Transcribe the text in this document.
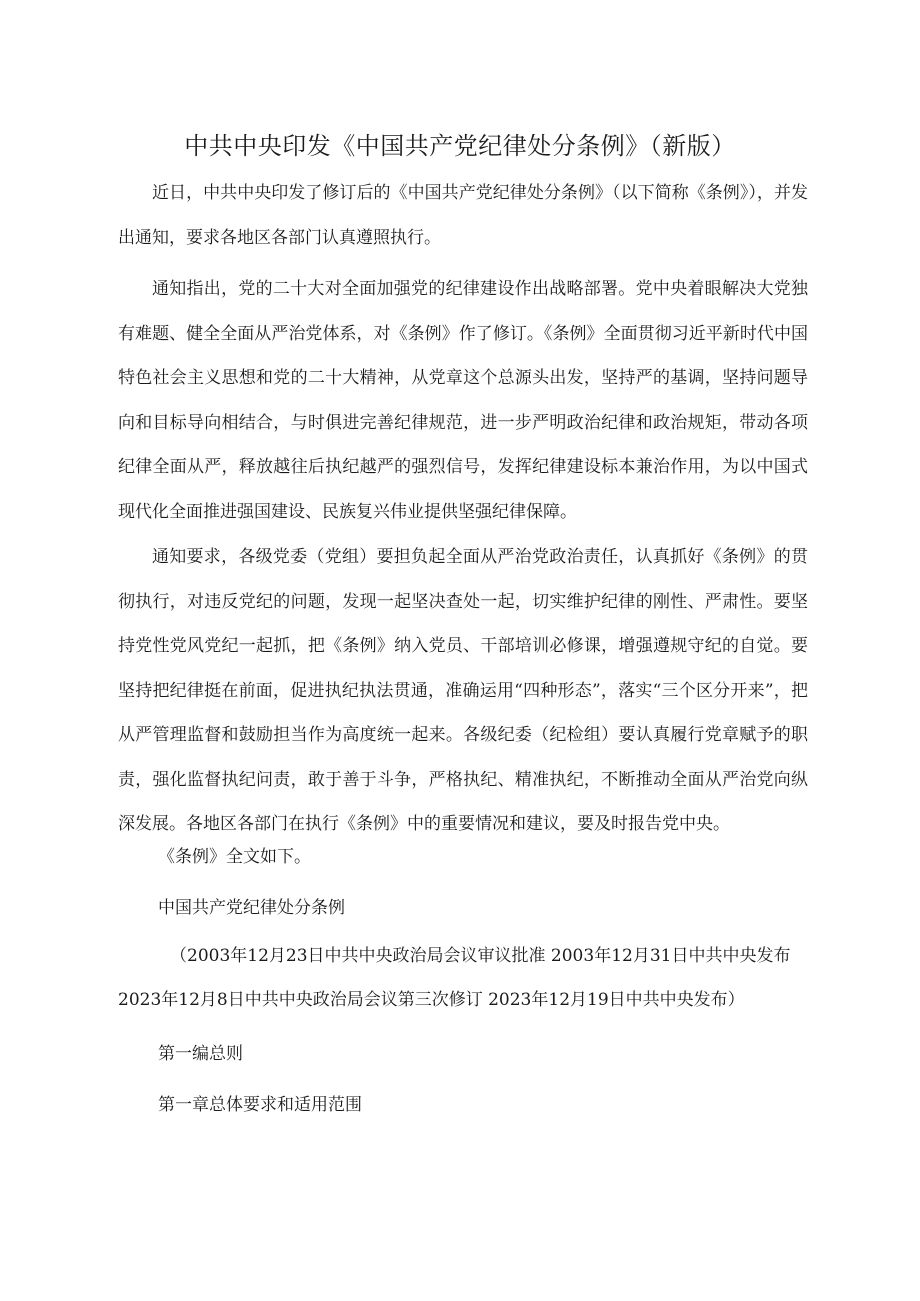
中共中央印发《中国共产党纪律处分条例》（新版）

近日，中共中央印发了修订后的《中国共产党纪律处分条例》（以下简称《条例》），并发出通知，要求各地区各部门认真遵照执行。

通知指出，党的二十大对全面加强党的纪律建设作出战略部署。党中央着眼解决大党独有难题、健全全面从严治党体系，对《条例》作了修订。《条例》全面贯彻习近平新时代中国特色社会主义思想和党的二十大精神，从党章这个总源头出发，坚持严的基调，坚持问题导向和目标导向相结合，与时俱进完善纪律规范，进一步严明政治纪律和政治规矩，带动各项纪律全面从严，释放越往后执纪越严的强烈信号，发挥纪律建设标本兼治作用，为以中国式现代化全面推进强国建设、民族复兴伟业提供坚强纪律保障。

通知要求，各级党委（党组）要担负起全面从严治党政治责任，认真抓好《条例》的贯彻执行，对违反党纪的问题，发现一起坚决查处一起，切实维护纪律的刚性、严肃性。要坚持党性党风党纪一起抓，把《条例》纳入党员、干部培训必修课，增强遵规守纪的自觉。要坚持把纪律挺在前面，促进执纪执法贯通，准确运用“四种形态”，落实“三个区分开来”，把从严管理监督和鼓励担当作为高度统一起来。各级纪委（纪检组）要认真履行党章赋予的职责，强化监督执纪问责，敢于善于斗争，严格执纪、精准执纪，不断推动全面从严治党向纵深发展。各地区各部门在执行《条例》中的重要情况和建议，要及时报告党中央。

《条例》全文如下。

中国共产党纪律处分条例

（2003年12月23日中共中央政治局会议审议批准 2003年12月31日中共中央发布

2023年12月8日中共中央政治局会议第三次修订 2023年12月19日中共中央发布）

第一编总则

第一章总体要求和适用范围
